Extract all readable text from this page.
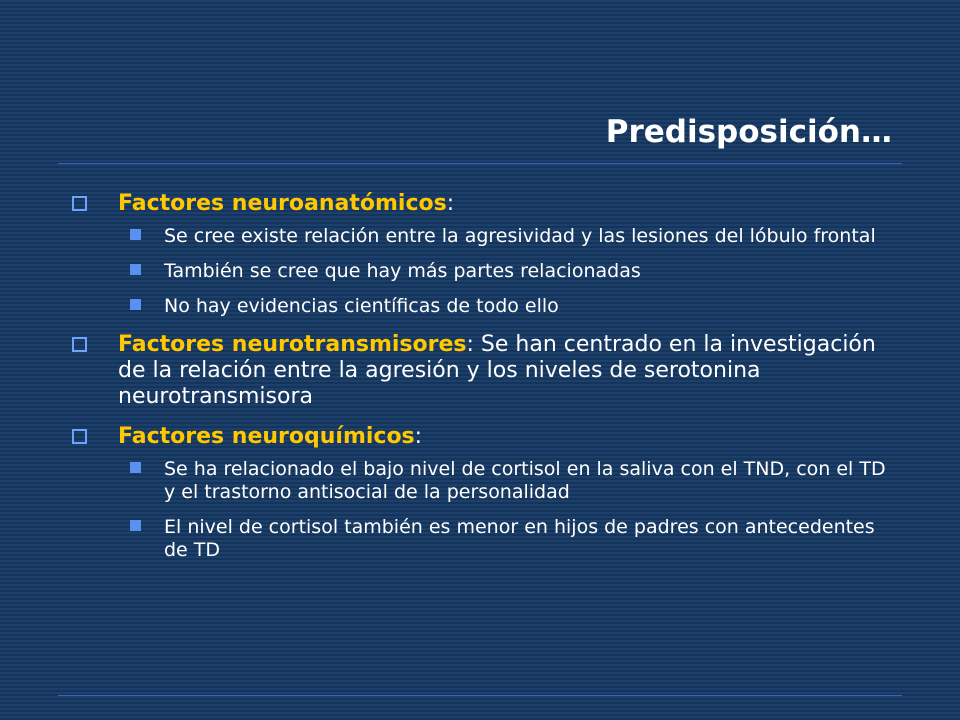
Predisposición…

Factores neuroanatómicos:

Se cree existe relación entre la agresividad y las lesiones del lóbulo frontal

También se cree que hay más partes relacionadas

No hay evidencias científicas de todo ello

Factores neurotransmisores: Se han centrado en la investigación de la relación entre la agresión y los niveles de serotonina neurotransmisora

Factores neuroquímicos:

Se ha relacionado el bajo nivel de cortisol en la saliva con el TND, con el TD y el trastorno antisocial de la personalidad

El nivel de cortisol también es menor en hijos de padres con antecedentes de TD
